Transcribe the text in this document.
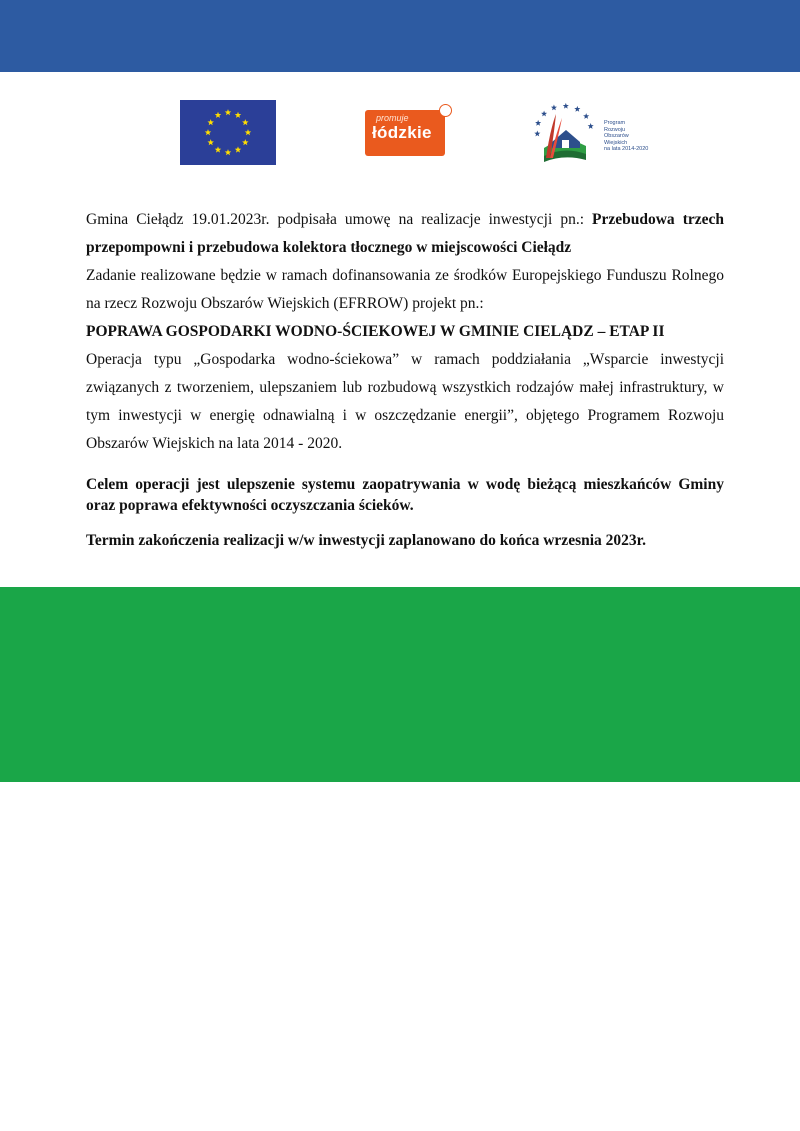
promuje
łódzkie	Program
Rozwoju
Obszarów
Wiejskich
na lata 2014-2020

Gmina Ciełądz 19.01.2023r. podpisała umowę na realizacje inwestycji pn.: Przebudowa trzech przepompowni i przebudowa kolektora tłocznego w miejscowości Ciełądz

Zadanie realizowane będzie w ramach dofinansowania ze środków Europejskiego Funduszu Rolnego na rzecz Rozwoju Obszarów Wiejskich (EFRROW) projekt pn.:

POPRAWA GOSPODARKI WODNO-ŚCIEKOWEJ W GMINIE CIELĄDZ – ETAP II

Operacja typu „Gospodarka wodno-ściekowa” w ramach poddziałania „Wsparcie inwestycji związanych z tworzeniem, ulepszaniem lub rozbudową wszystkich rodzajów małej infrastruktury, w tym inwestycji w energię odnawialną i w oszczędzanie energii”, objętego Programem Rozwoju Obszarów Wiejskich na lata 2014 - 2020.

Celem operacji jest ulepszenie systemu zaopatrywania w wodę bieżącą mieszkańców Gminy oraz poprawa efektywności oczyszczania ścieków.

Termin zakończenia realizacji w/w inwestycji zaplanowano do końca wrzesnia 2023r.
